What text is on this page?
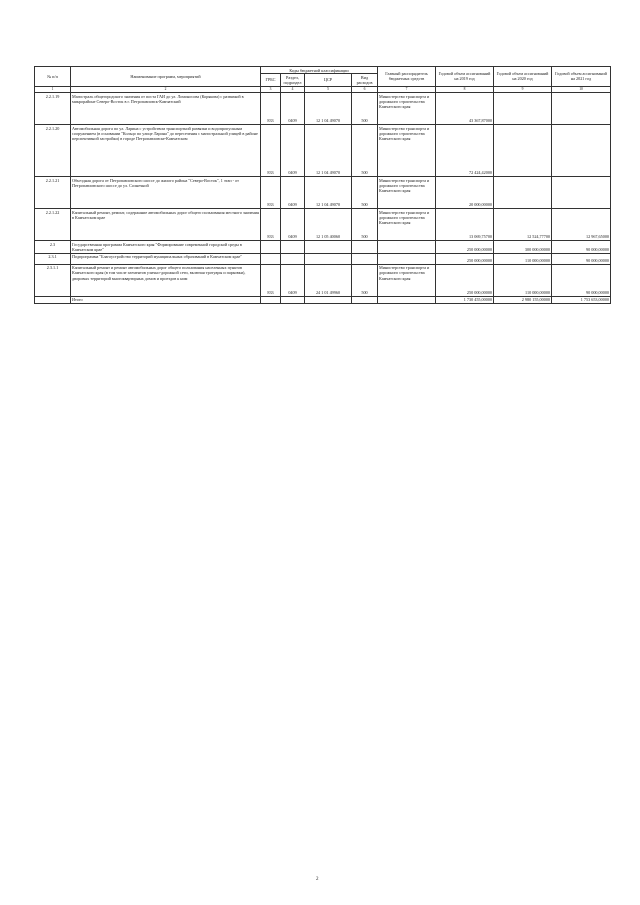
№ п/п	Наименование программ, мероприятий	Коды бюджетной классификации				Главный распорядитель бюджетных средств	Годовой объем ассигнований на 2019 год	Годовой объем ассигнований на 2020 год	Годовой объем ассигнований на 2021 год
		ГРБС	Раздел, подраздел	ЦСР	Вид расходов				
1	2	3	4	5	6	7	8	9	10
2.2.1.19	Магистраль общегородского значения от поста ГАИ до ул. Ломоносова (Корякова) с развязкой в микрорайоне Северо-Восток в г. Петропавловск-Камчатский	833	0409	12 1 04 49070	500	Министерство транспорта и дорожного строительства Камчатского края	43 367,87000		
2.2.1.20	Автомобильная дорога по ул. Ларина с устройством транспортной развязки и водопропускным сооружением (в основании "Кольцо по улице Ларина" до пересечения с магистральной улицей в районе перспективной застройки) в городе Петропавловске-Камчатском	833	0409	12 1 04 49070	500	Министерство транспорта и дорожного строительства Камчатского края	72 424,42000		
2.2.1.21	Объездная дорога от Петропавловского шоссе до жилого района "Северо-Восток", 1 этап - от Петропавловского шоссе до ул. Солнечной	833	0409	12 1 04 49070	500	Министерство транспорта и дорожного строительства Камчатского края	20 000,00000		
2.2.1.22	Капитальный ремонт, ремонт, содержание автомобильных дорог общего пользования местного значения в Камчатском крае	833	0409	12 1 05 40060	500	Министерство транспорта и дорожного строительства Камчатского края	13 069,75700	12 524,77700	12 967,65000
2.3	Государственная программа Камчатского края "Формирование современной городской среды в Камчатском крае"						250 000,00000	300 000,00000	90 000,00000
2.3.1	Подпрограмма "Благоустройство территорий муниципальных образований в Камчатском крае"						250 000,00000	110 000,00000	90 000,00000
2.3.1.1	Капитальный ремонт и ремонт автомобильных дорог общего пользования населенных пунктов Камчатского края (в том числе элементов улично-дорожной сети, включая тротуары и парковки), дворовых территорий многоквартирных домов и проездов к ним	833	0409	24 1 01 49960	500	Министерство транспорта и дорожного строительства Камчатского края	250 000,00000	110 000,00000	90 000,00000
	Итого						1 730 455,00000	2 980 155,00000	1 753 653,00000
2
